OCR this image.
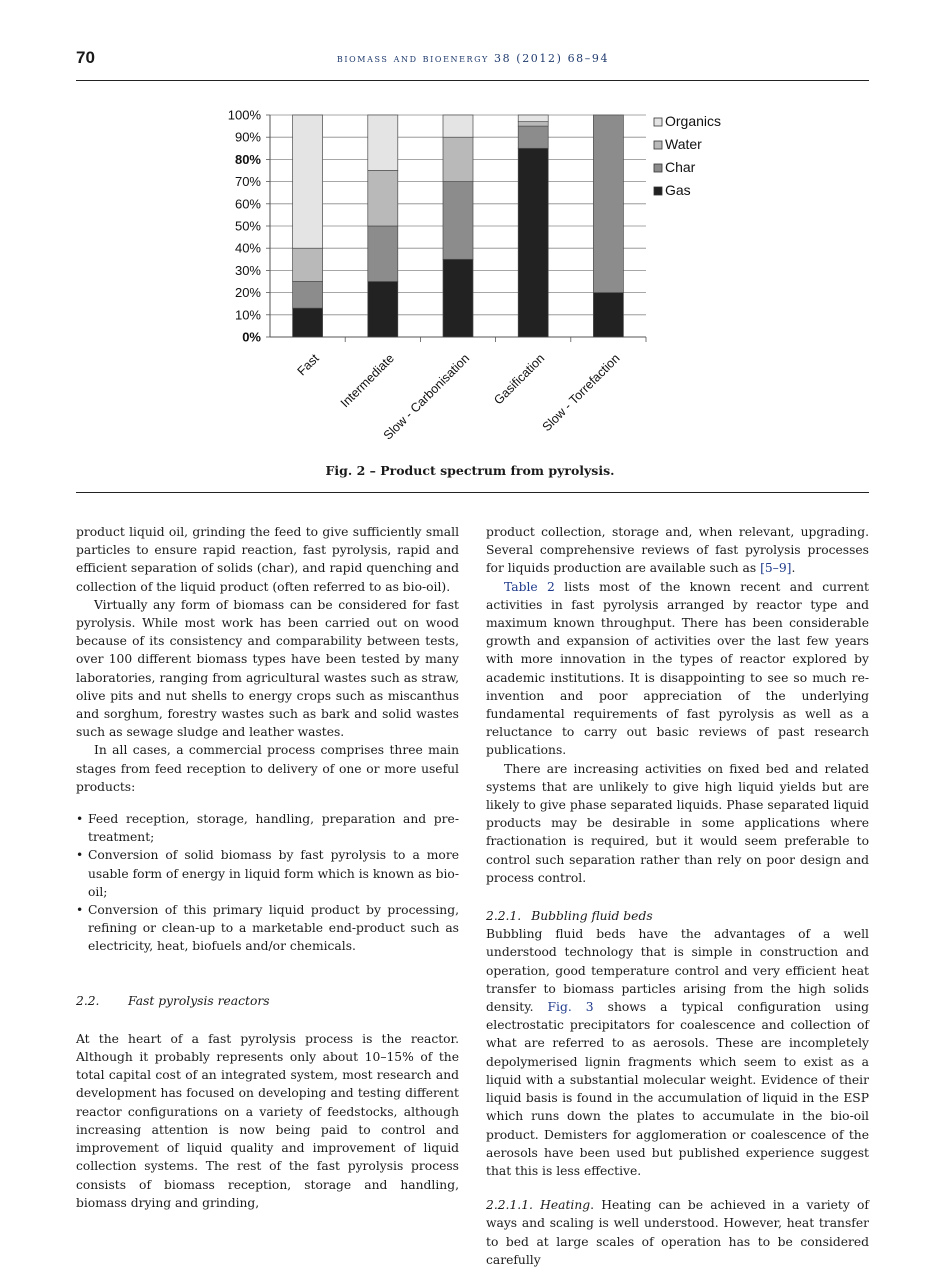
70	biomass and bioenergy 38 (2012) 68–94
0%
10%
20%
30%
40%
50%
60%
70%
80%
90%
100%
Fast Intermediate
Slow - Carbonisation Gasification
Slow - Torrefaction
Organics
Water
Char
Gas
Fig. 2 – Product spectrum from pyrolysis.

product liquid oil, grinding the feed to give sufficiently small particles to ensure rapid reaction, fast pyrolysis, rapid and efficient separation of solids (char), and rapid quenching and collection of the liquid product (often referred to as bio-oil).

Virtually any form of biomass can be considered for fast pyrolysis. While most work has been carried out on wood because of its consistency and comparability between tests, over 100 different biomass types have been tested by many laboratories, ranging from agricultural wastes such as straw, olive pits and nut shells to energy crops such as miscanthus and sorghum, forestry wastes such as bark and solid wastes such as sewage sludge and leather wastes.

In all cases, a commercial process comprises three main stages from feed reception to delivery of one or more useful products:

• Feed reception, storage, handling, preparation and pre-treatment;
• Conversion of solid biomass by fast pyrolysis to a more usable form of energy in liquid form which is known as bio-oil;
• Conversion of this primary liquid product by processing, refining or clean-up to a marketable end-product such as electricity, heat, biofuels and/or chemicals.
2.2. Fast pyrolysis reactors

At the heart of a fast pyrolysis process is the reactor. Although it probably represents only about 10–15% of the total capital cost of an integrated system, most research and development has focused on developing and testing different reactor configurations on a variety of feedstocks, although increasing attention is now being paid to control and improvement of liquid quality and improvement of liquid collection systems. The rest of the fast pyrolysis process consists of biomass reception, storage and handling, biomass drying and grinding,

product collection, storage and, when relevant, upgrading. Several comprehensive reviews of fast pyrolysis processes for liquids production are available such as [5–9].

Table 2 lists most of the known recent and current activities in fast pyrolysis arranged by reactor type and maximum known throughput. There has been considerable growth and expansion of activities over the last few years with more innovation in the types of reactor explored by academic institutions. It is disappointing to see so much re-invention and poor appreciation of the underlying fundamental requirements of fast pyrolysis as well as a reluctance to carry out basic reviews of past research publications.

There are increasing activities on fixed bed and related systems that are unlikely to give high liquid yields but are likely to give phase separated liquids. Phase separated liquid products may be desirable in some applications where fractionation is required, but it would seem preferable to control such separation rather than rely on poor design and process control.

2.2.1. Bubbling fluid beds

Bubbling fluid beds have the advantages of a well understood technology that is simple in construction and operation, good temperature control and very efficient heat transfer to biomass particles arising from the high solids density. Fig. 3 shows a typical configuration using electrostatic precipitators for coalescence and collection of what are referred to as aerosols. These are incompletely depolymerised lignin fragments which seem to exist as a liquid with a substantial molecular weight. Evidence of their liquid basis is found in the accumulation of liquid in the ESP which runs down the plates to accumulate in the bio-oil product. Demisters for agglomeration or coalescence of the aerosols have been used but published experience suggest that this is less effective.

2.2.1.1. Heating. Heating can be achieved in a variety of ways and scaling is well understood. However, heat transfer to bed at large scales of operation has to be considered carefully
